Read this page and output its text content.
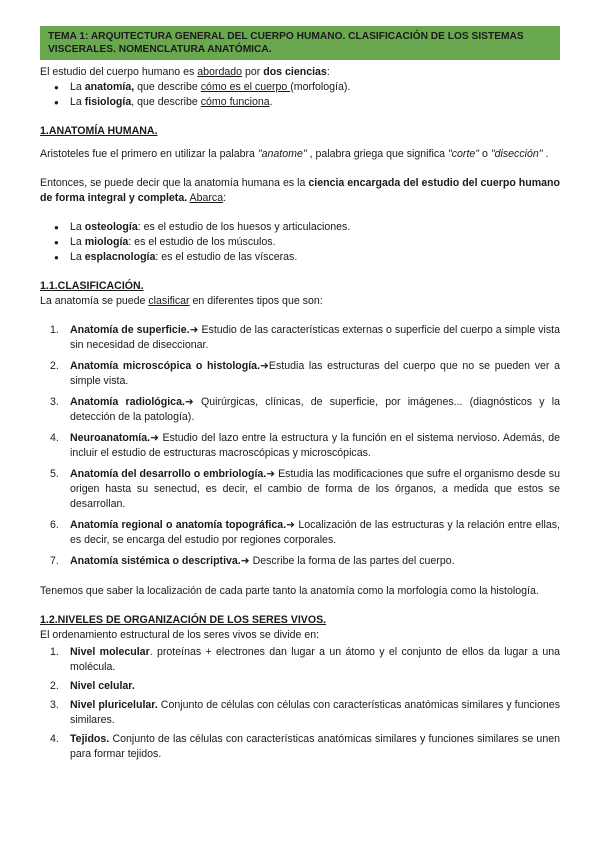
TEMA 1: ARQUITECTURA GENERAL DEL CUERPO HUMANO. CLASIFICACIÓN DE LOS SISTEMAS VISCERALES. NOMENCLATURA ANATÓMICA.

El estudio del cuerpo humano es abordado por dos ciencias:

● La anatomía, que describe cómo es el cuerpo (morfología).
● La fisiología, que describe cómo funciona.
1.ANATOMÍA HUMANA.

Aristoteles fue el primero en utilizar la palabra "anatome" , palabra griega que significa "corte" o "disección" .

Entonces, se puede decir que la anatomía humana es la ciencia encargada del estudio del cuerpo humano de forma integral y completa. Abarca:

● La osteología: es el estudio de los huesos y articulaciones.
● La miología: es el estudio de los músculos.
● La esplacnología: es el estudio de las vísceras.
1.1.CLASIFICACIÓN.

La anatomía se puede clasificar en diferentes tipos que son:

1. Anatomía de superficie.➜ Estudio de las características externas o superficie del cuerpo a simple vista sin necesidad de diseccionar.
2. Anatomía microscópica o histología.➜Estudia las estructuras del cuerpo que no se pueden ver a simple vista.
3. Anatomía radiológica.➜ Quirúrgicas, clínicas, de superficie, por imágenes... (diagnósticos y la detección de la patología).
4. Neuroanatomía.➜ Estudio del lazo entre la estructura y la función en el sistema nervioso. Además, de incluir el estudio de estructuras macroscópicas y microscópicas.
5. Anatomía del desarrollo o embriología.➜ Estudia las modificaciones que sufre el organismo desde su origen hasta su senectud, es decir, el cambio de forma de los órganos, a medida que estos se desarrollan.
6. Anatomía regional o anatomía topográfica.➜ Localización de las estructuras y la relación entre ellas, es decir, se encarga del estudio por regiones corporales.
7. Anatomía sistémica o descriptiva.➜ Describe la forma de las partes del cuerpo.

Tenemos que saber la localización de cada parte tanto la anatomía como la morfología como la histología.

1.2.NIVELES DE ORGANIZACIÓN DE LOS SERES VIVOS.

El ordenamiento estructural de los seres vivos se divide en:

1. Nivel molecular. proteínas + electrones dan lugar a un átomo y el conjunto de ellos da lugar a una molécula.
2. Nivel celular.
3. Nivel pluricelular. Conjunto de células con células con características anatómicas similares y funciones similares.
4. Tejidos. Conjunto de las células con características anatómicas similares y funciones similares se unen para formar tejidos.
